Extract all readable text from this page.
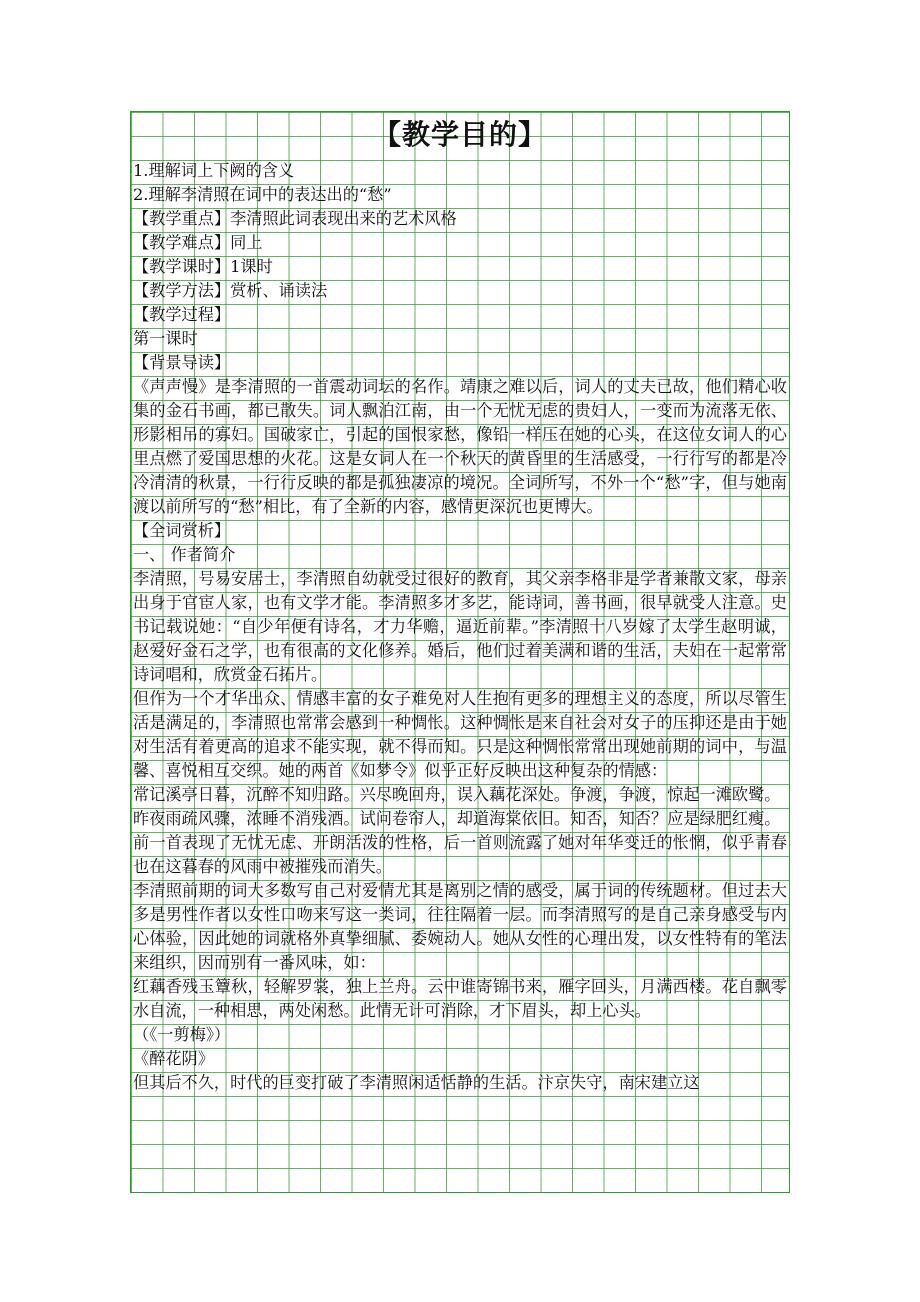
【教学目的】

1.理解词上下阙的含义

2.理解李清照在词中的表达出的“愁”

【教学重点】李清照此词表现出来的艺术风格

【教学难点】同上

【教学课时】1课时

【教学方法】赏析、诵读法

【教学过程】

第一课时

【背景导读】

《声声慢》是李清照的一首震动词坛的名作。靖康之难以后，词人的丈夫已故，他们精心收集的金石书画，都已散失。词人飘泊江南，由一个无忧无虑的贵妇人，一变而为流落无依、形影相吊的寡妇。国破家亡，引起的国恨家愁，像铅一样压在她的心头，在这位女词人的心里点燃了爱国思想的火花。这是女词人在一个秋天的黄昏里的生活感受，一行行写的都是冷冷清清的秋景，一行行反映的都是孤独凄凉的境况。全词所写，不外一个“愁”字，但与她南渡以前所写的“愁”相比，有了全新的内容，感情更深沉也更博大。

【全词赏析】

一、 作者简介

李清照，号易安居士，李清照自幼就受过很好的教育，其父亲李格非是学者兼散文家，母亲出身于官宦人家，也有文学才能。李清照多才多艺，能诗词，善书画，很早就受人注意。史书记载说她：“自少年便有诗名，才力华赡，逼近前辈。”李清照十八岁嫁了太学生赵明诚，赵爱好金石之学，也有很高的文化修养。婚后，他们过着美满和谐的生活，夫妇在一起常常诗词唱和，欣赏金石拓片。

但作为一个才华出众、情感丰富的女子难免对人生抱有更多的理想主义的态度，所以尽管生活是满足的，李清照也常常会感到一种惆怅。这种惆怅是来自社会对女子的压抑还是由于她对生活有着更高的追求不能实现，就不得而知。只是这种惆怅常常出现她前期的词中，与温馨、喜悦相互交织。她的两首《如梦令》似乎正好反映出这种复杂的情感：

常记溪亭日暮，沉醉不知归路。兴尽晚回舟，误入藕花深处。争渡，争渡，惊起一滩欧鹭。

昨夜雨疏风骤，浓睡不消残酒。试问卷帘人，却道海棠依旧。知否，知否？应是绿肥红瘦。

前一首表现了无忧无虑、开朗活泼的性格，后一首则流露了她对年华变迁的怅惘，似乎青春也在这暮春的风雨中被摧残而消失。

李清照前期的词大多数写自己对爱情尤其是离别之情的感受，属于词的传统题材。但过去大多是男性作者以女性口吻来写这一类词，往往隔着一层。而李清照写的是自己亲身感受与内心体验，因此她的词就格外真挚细腻、委婉动人。她从女性的心理出发，以女性特有的笔法来组织，因而别有一番风味，如：

红藕香残玉簟秋，轻解罗裳，独上兰舟。云中谁寄锦书来，雁字回头，月满西楼。花自飘零水自流，一种相思，两处闲愁。此情无计可消除，才下眉头，却上心头。

（《一剪梅》）

《醉花阴》

但其后不久，时代的巨变打破了李清照闲适恬静的生活。汴京失守，南宋建立这
